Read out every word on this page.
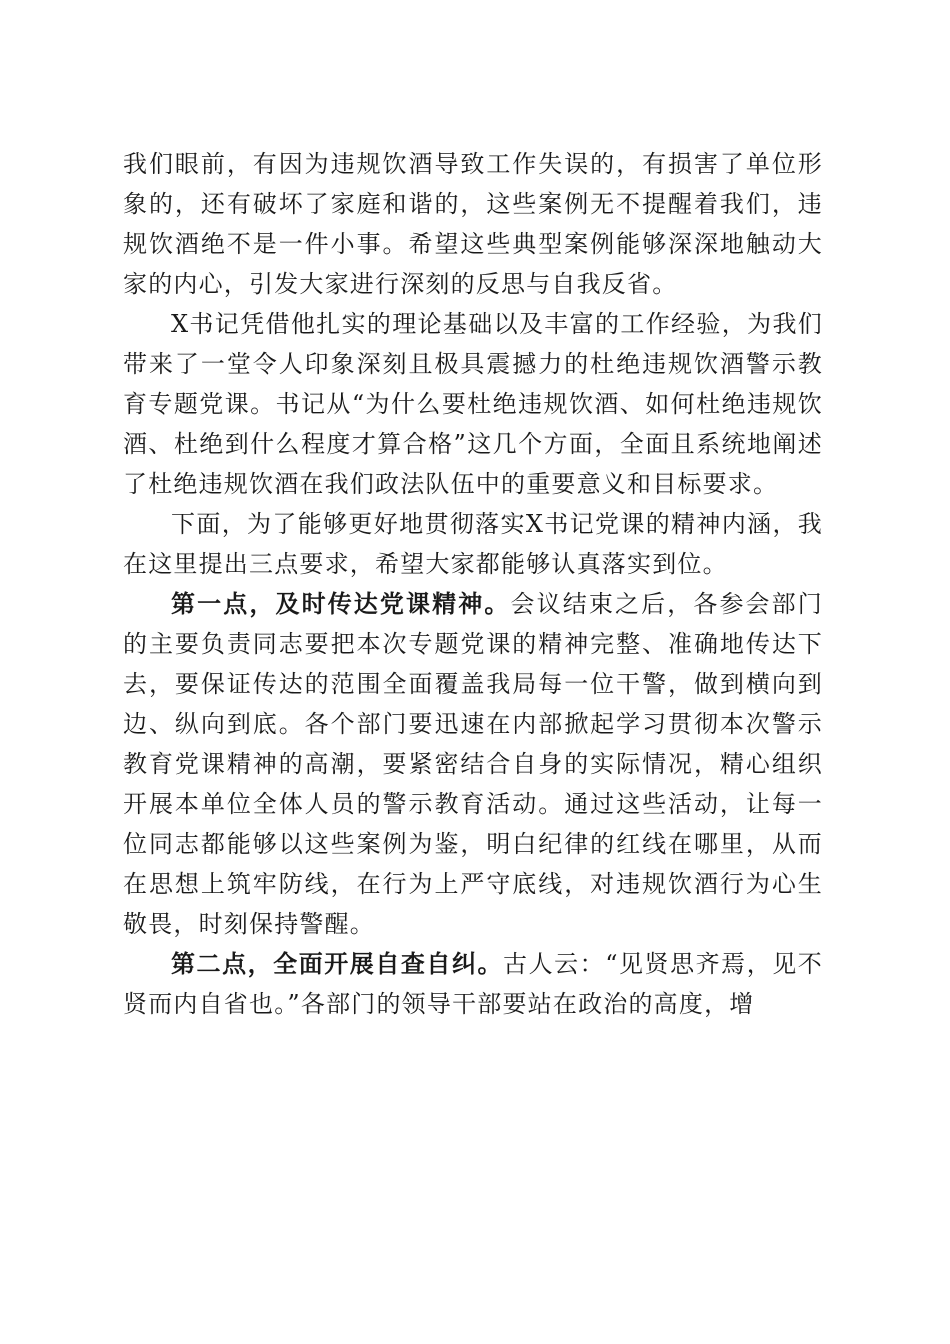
我们眼前，有因为违规饮酒导致工作失误的，有损害了单位形象的，还有破坏了家庭和谐的，这些案例无不提醒着我们，违规饮酒绝不是一件小事。希望这些典型案例能够深深地触动大家的内心，引发大家进行深刻的反思与自我反省。

X书记凭借他扎实的理论基础以及丰富的工作经验，为我们带来了一堂令人印象深刻且极具震撼力的杜绝违规饮酒警示教育专题党课。书记从“为什么要杜绝违规饮酒、如何杜绝违规饮酒、杜绝到什么程度才算合格”这几个方面，全面且系统地阐述了杜绝违规饮酒在我们政法队伍中的重要意义和目标要求。

下面，为了能够更好地贯彻落实X书记党课的精神内涵，我在这里提出三点要求，希望大家都能够认真落实到位。

第一点，及时传达党课精神。会议结束之后，各参会部门的主要负责同志要把本次专题党课的精神完整、准确地传达下去，要保证传达的范围全面覆盖我局每一位干警，做到横向到边、纵向到底。各个部门要迅速在内部掀起学习贯彻本次警示教育党课精神的高潮，要紧密结合自身的实际情况，精心组织开展本单位全体人员的警示教育活动。通过这些活动，让每一位同志都能够以这些案例为鉴，明白纪律的红线在哪里，从而在思想上筑牢防线，在行为上严守底线，对违规饮酒行为心生敬畏，时刻保持警醒。

第二点，全面开展自查自纠。古人云：“见贤思齐焉，见不贤而内自省也。”各部门的领导干部要站在政治的高度，增
